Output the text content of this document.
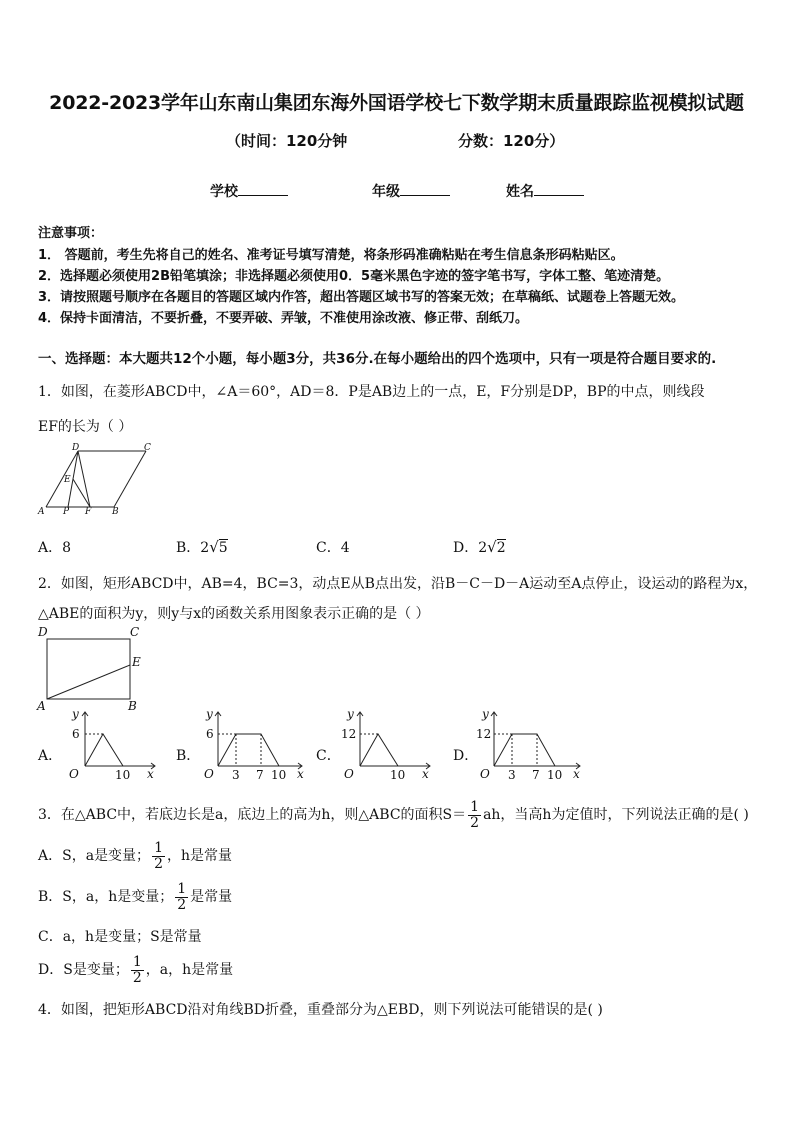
2022-2023学年山东南山集团东海外国语学校七下数学期末质量跟踪监视模拟试题
（时间：120分钟	分数：120分）
学校	年级	姓名
注意事项：
1． 答题前，考生先将自己的姓名、准考证号填写清楚，将条形码准确粘贴在考生信息条形码粘贴区。
2．选择题必须使用2B铅笔填涂；非选择题必须使用0．5毫米黑色字迹的签字笔书写，字体工整、笔迹清楚。
3．请按照题号顺序在各题目的答题区域内作答，超出答题区域书写的答案无效；在草稿纸、试题卷上答题无效。
4．保持卡面清洁，不要折叠，不要弄破、弄皱，不准使用涂改液、修正带、刮纸刀。
一、选择题：本大题共12个小题，每小题3分，共36分.在每小题给出的四个选项中，只有一项是符合题目要求的.
1．如图，在菱形ABCD中，∠A＝60°，AD＝8．P是AB边上的一点，E，F分别是DP，BP的中点，则线段
EF的长为（ ）
A P F B
D	C
E
A．8	B．2√5	C．4	D．2√2
2．如图，矩形ABCD中，AB=4，BC=3，动点E从B点出发，沿B－C－D－A运动至A点停止，设运动的路程为x，
△ABE的面积为y，则y与x的函数关系用图象表示正确的是（ ）
D	C
E
A	B
A．
y
x
O
6
10
B．
y
x
O
6
3 7 10
C．
y
x
O
12
10
D．
y
x
O
12
3 7 10
3．在△ABC中，若底边长是a，底边上的高为h，则△ABC的面积$S= \frac{1}{2}$ ah，当高h为定值时，下列说法正确的是( )
A．S，a是变量； $\frac{1}{2}$ ，h是常量
B．S，a，h是变量； $\frac{1}{2}$ 是常量
C．a，h是变量；S是常量
D．S是变量； $\frac{1}{2}$ ，a，h是常量
4．如图，把矩形ABCD沿对角线BD折叠，重叠部分为△EBD，则下列说法可能错误的是( )
